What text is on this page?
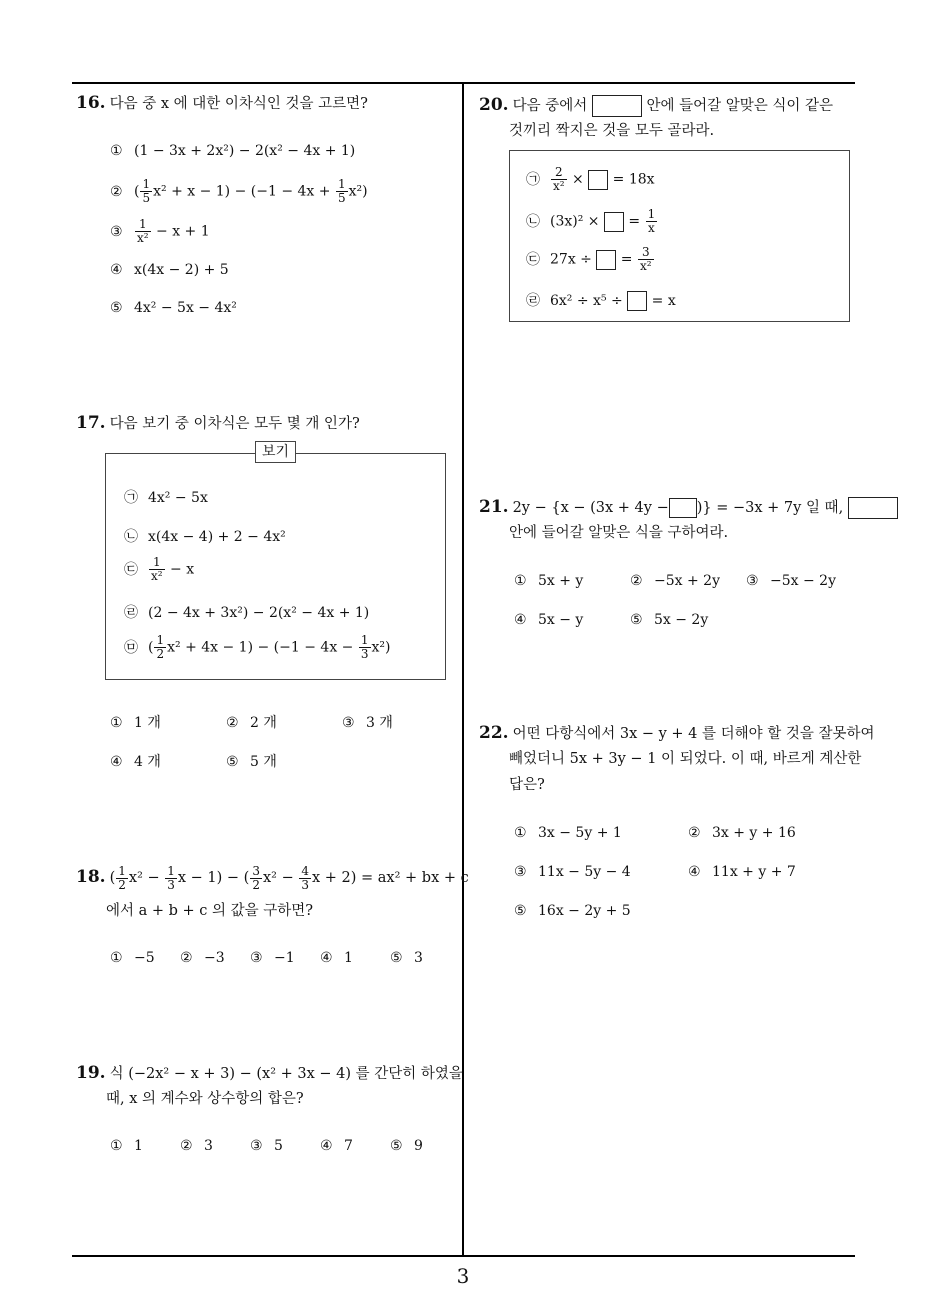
16. 다음 중 x 에 대한 이차식인 것을 고르면?
① (1 − 3x + 2x²) − 2(x² − 4x + 1)
② ( $\frac{1}{5} x^2 + x - 1) - (-1 - 4x + \frac{1}{5} x^2)$
③ $\frac{1}{\text{x²}} - x + 1$
④ x(4x − 2) + 5
⑤ 4x² − 5x − 4x²
17. 다음 보기 중 이차식은 모두 몇 개 인가?
보기
㉠ 4x² − 5x
㉡ x(4x − 4) + 2 − 4x²
㉢ $\frac{1}{\text{x²}} - x$
㉣ (2 − 4x + 3x²) − 2(x² − 4x + 1)
㉤ ( $\frac{1}{2} x^2 + 4x - 1) - (-1 - 4x - \frac{1}{3} x^2)$
① 1 개	② 2 개	③ 3 개
④ 4 개	⑤ 5 개
18. ( $\frac{1}{2} x^2 - \frac{1}{3}$ x − 1) − ( $\frac{3}{2} x^2 - \frac{4}{3}$ x + 2) = ax² + bx + c
에서 a + b + c 의 값을 구하면?
① −5 ② −3 ③ −1 ④ 1	⑤ 3
19. 식 (−2x² − x + 3) − (x² + 3x − 4) 를 간단히 하였을
때, x 의 계수와 상수항의 합은?
① 1	② 3	③ 5	④ 7	⑤ 9
20. 다음 중에서	안에 들어갈 알맞은 식이 같은
것끼리 짝지은 것을 모두 골라라.
㉠ $\frac{2}{\text{x²}}$ ×  = 18x
㉡ (3x)² ×  = $\frac{1}{x}$
㉢ 27x ÷  = $\frac{3}{\text{x²}}$
㉣ 6x² ÷ x⁵ ÷  = x
21. 2y − {x − (3x + 4y − )} = −3x + 7y 일 때,
안에 들어갈 알맞은 식을 구하여라.
① 5x + y	② −5x + 2y ③ −5x − 2y
④ 5x − y	⑤ 5x − 2y
22. 어떤 다항식에서 3x − y + 4 를 더해야 할 것을 잘못하여
빼었더니 5x + 3y − 1 이 되었다. 이 때, 바르게 계산한
답은?
① 3x − 5y + 1	② 3x + y + 16
③ 11x − 5y − 4	④ 11x + y + 7
⑤ 16x − 2y + 5
3
